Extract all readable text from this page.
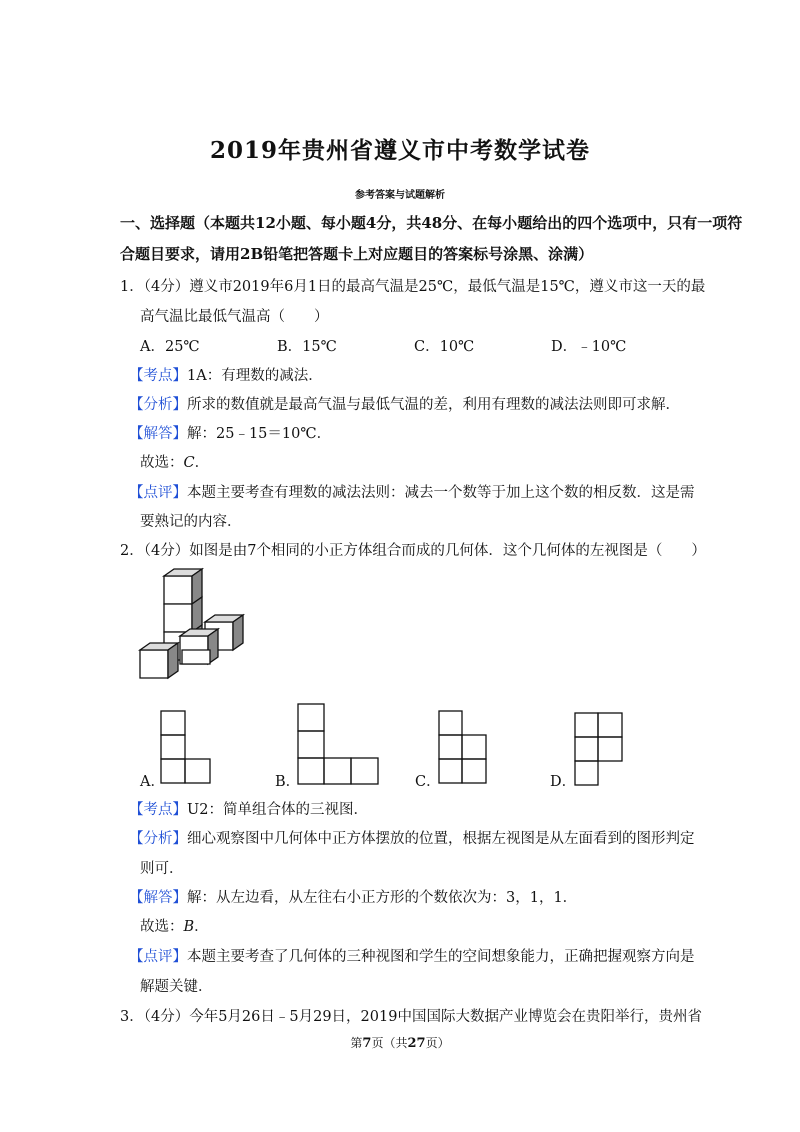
2019年贵州省遵义市中考数学试卷
参考答案与试题解析
一、选择题（本题共12小题、每小题4分，共48分、在每小题给出的四个选项中，只有一项符
合题目要求，请用2B铅笔把答题卡上对应题目的答案标号涂黑、涂满）
1．（4分）遵义市2019年6月1日的最高气温是25℃，最低气温是15℃，遵义市这一天的最
高气温比最低气温高（　　）
A．25℃	B．15℃	C．10℃	D．﹣10℃
【考点】1A：有理数的减法．
【分析】所求的数值就是最高气温与最低气温的差，利用有理数的减法法则即可求解．
【解答】解：25﹣15＝10℃．
故选：C．
【点评】本题主要考查有理数的减法法则：减去一个数等于加上这个数的相反数．这是需
要熟记的内容．
2．（4分）如图是由7个相同的小正方体组合而成的几何体．这个几何体的左视图是（　　）
A．	B．	C．	D．
【考点】U2：简单组合体的三视图．
【分析】细心观察图中几何体中正方体摆放的位置，根据左视图是从左面看到的图形判定
则可．
【解答】解：从左边看，从左往右小正方形的个数依次为：3，1，1．
故选：B．
【点评】本题主要考查了几何体的三种视图和学生的空间想象能力，正确把握观察方向是
解题关键．
3．（4分）今年5月26日﹣5月29日，2019中国国际大数据产业博览会在贵阳举行，贵州省
第7页（共27页）
